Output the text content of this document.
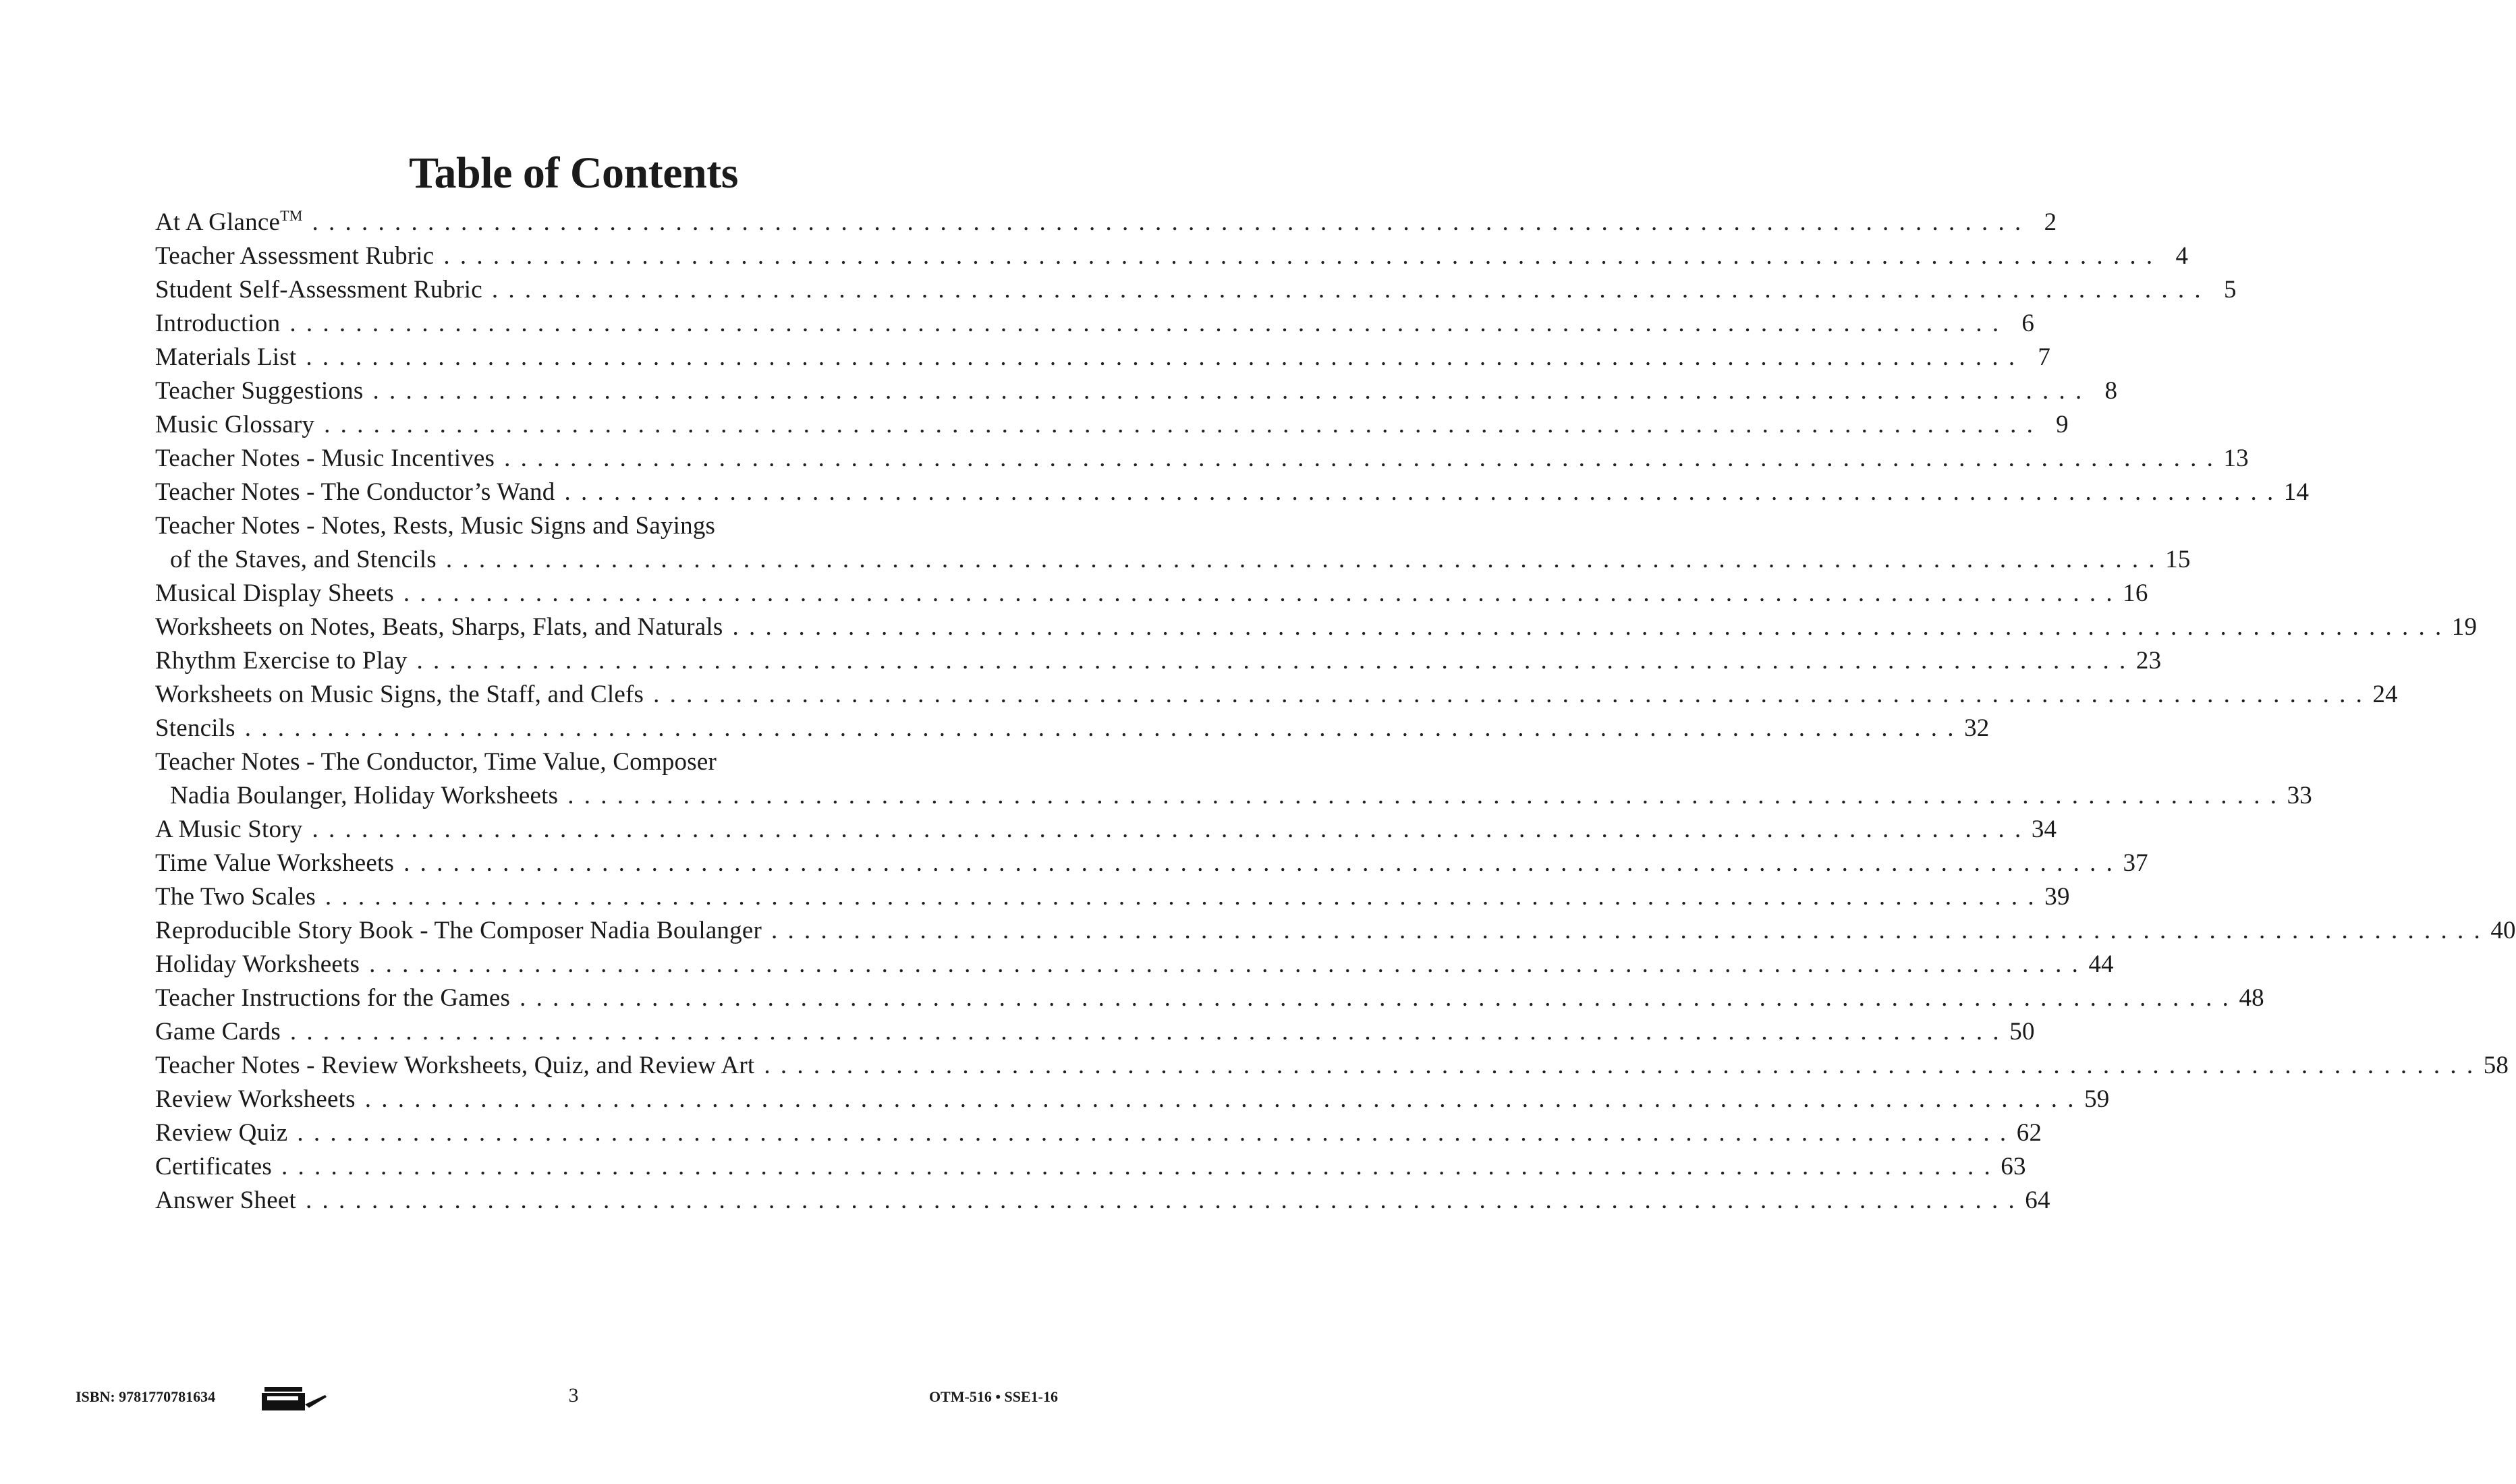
Table of Contents
At A Glance™ . . . . . . . . . . . . . . . . . . . . . . . . . . . . . . . . . . . . . . . . . . . . . . . . . . . . . . . . . . . . . . . . . . . . . . . . . . . . . . . . . . . . . . . . . . . . . . . . . . . . . . . . 2
Teacher Assessment Rubric . . . . . . . . . . . . . . . . . . . . . . . . . . . . . . . . . . . . . . . . . . . . . . . . . . . . . . . . . . . . . . . . . . . . . . . . . . . . . . . . . . . . . . . . . . . . . . . . . . . . . . . . 4
Student Self-Assessment Rubric . . . . . . . . . . . . . . . . . . . . . . . . . . . . . . . . . . . . . . . . . . . . . . . . . . . . . . . . . . . . . . . . . . . . . . . . . . . . . . . . . . . . . . . . . . . . . . . . . . . . . . . . 5
Introduction . . . . . . . . . . . . . . . . . . . . . . . . . . . . . . . . . . . . . . . . . . . . . . . . . . . . . . . . . . . . . . . . . . . . . . . . . . . . . . . . . . . . . . . . . . . . . . . . . . . . . . . . 6
Materials List . . . . . . . . . . . . . . . . . . . . . . . . . . . . . . . . . . . . . . . . . . . . . . . . . . . . . . . . . . . . . . . . . . . . . . . . . . . . . . . . . . . . . . . . . . . . . . . . . . . . . . . . 7
Teacher Suggestions . . . . . . . . . . . . . . . . . . . . . . . . . . . . . . . . . . . . . . . . . . . . . . . . . . . . . . . . . . . . . . . . . . . . . . . . . . . . . . . . . . . . . . . . . . . . . . . . . . . . . . . . 8
Music Glossary . . . . . . . . . . . . . . . . . . . . . . . . . . . . . . . . . . . . . . . . . . . . . . . . . . . . . . . . . . . . . . . . . . . . . . . . . . . . . . . . . . . . . . . . . . . . . . . . . . . . . . . . 9
Teacher Notes - Music Incentives . . . . . . . . . . . . . . . . . . . . . . . . . . . . . . . . . . . . . . . . . . . . . . . . . . . . . . . . . . . . . . . . . . . . . . . . . . . . . . . . . . . . . . . . . . . . . . . . . . . . . . . . 13
Teacher Notes - The Conductor’s Wand . . . . . . . . . . . . . . . . . . . . . . . . . . . . . . . . . . . . . . . . . . . . . . . . . . . . . . . . . . . . . . . . . . . . . . . . . . . . . . . . . . . . . . . . . . . . . . . . . . . . . . . . 14
Teacher Notes - Notes, Rests, Music Signs and Sayings
of the Staves, and Stencils . . . . . . . . . . . . . . . . . . . . . . . . . . . . . . . . . . . . . . . . . . . . . . . . . . . . . . . . . . . . . . . . . . . . . . . . . . . . . . . . . . . . . . . . . . . . . . . . . . . . . . . . 15
Musical Display Sheets . . . . . . . . . . . . . . . . . . . . . . . . . . . . . . . . . . . . . . . . . . . . . . . . . . . . . . . . . . . . . . . . . . . . . . . . . . . . . . . . . . . . . . . . . . . . . . . . . . . . . . . . 16
Worksheets on Notes, Beats, Sharps, Flats, and Naturals . . . . . . . . . . . . . . . . . . . . . . . . . . . . . . . . . . . . . . . . . . . . . . . . . . . . . . . . . . . . . . . . . . . . . . . . . . . . . . . . . . . . . . . . . . . . . . . . . . . . . . . . 19
Rhythm Exercise to Play . . . . . . . . . . . . . . . . . . . . . . . . . . . . . . . . . . . . . . . . . . . . . . . . . . . . . . . . . . . . . . . . . . . . . . . . . . . . . . . . . . . . . . . . . . . . . . . . . . . . . . . . 23
Worksheets on Music Signs, the Staff, and Clefs . . . . . . . . . . . . . . . . . . . . . . . . . . . . . . . . . . . . . . . . . . . . . . . . . . . . . . . . . . . . . . . . . . . . . . . . . . . . . . . . . . . . . . . . . . . . . . . . . . . . . . . . 24
Stencils . . . . . . . . . . . . . . . . . . . . . . . . . . . . . . . . . . . . . . . . . . . . . . . . . . . . . . . . . . . . . . . . . . . . . . . . . . . . . . . . . . . . . . . . . . . . . . . . . . . . . . . . 32
Teacher Notes - The Conductor, Time Value, Composer
Nadia Boulanger, Holiday Worksheets . . . . . . . . . . . . . . . . . . . . . . . . . . . . . . . . . . . . . . . . . . . . . . . . . . . . . . . . . . . . . . . . . . . . . . . . . . . . . . . . . . . . . . . . . . . . . . . . . . . . . . . . 33
A Music Story . . . . . . . . . . . . . . . . . . . . . . . . . . . . . . . . . . . . . . . . . . . . . . . . . . . . . . . . . . . . . . . . . . . . . . . . . . . . . . . . . . . . . . . . . . . . . . . . . . . . . . . . 34
Time Value Worksheets . . . . . . . . . . . . . . . . . . . . . . . . . . . . . . . . . . . . . . . . . . . . . . . . . . . . . . . . . . . . . . . . . . . . . . . . . . . . . . . . . . . . . . . . . . . . . . . . . . . . . . . . 37
The Two Scales . . . . . . . . . . . . . . . . . . . . . . . . . . . . . . . . . . . . . . . . . . . . . . . . . . . . . . . . . . . . . . . . . . . . . . . . . . . . . . . . . . . . . . . . . . . . . . . . . . . . . . . . 39
Reproducible Story Book - The Composer Nadia Boulanger . . . . . . . . . . . . . . . . . . . . . . . . . . . . . . . . . . . . . . . . . . . . . . . . . . . . . . . . . . . . . . . . . . . . . . . . . . . . . . . . . . . . . . . . . . . . . . . . . . . . . . . . 40
Holiday Worksheets . . . . . . . . . . . . . . . . . . . . . . . . . . . . . . . . . . . . . . . . . . . . . . . . . . . . . . . . . . . . . . . . . . . . . . . . . . . . . . . . . . . . . . . . . . . . . . . . . . . . . . . . 44
Teacher Instructions for the Games . . . . . . . . . . . . . . . . . . . . . . . . . . . . . . . . . . . . . . . . . . . . . . . . . . . . . . . . . . . . . . . . . . . . . . . . . . . . . . . . . . . . . . . . . . . . . . . . . . . . . . . . 48
Game Cards . . . . . . . . . . . . . . . . . . . . . . . . . . . . . . . . . . . . . . . . . . . . . . . . . . . . . . . . . . . . . . . . . . . . . . . . . . . . . . . . . . . . . . . . . . . . . . . . . . . . . . . . 50
Teacher Notes - Review Worksheets, Quiz, and Review Art . . . . . . . . . . . . . . . . . . . . . . . . . . . . . . . . . . . . . . . . . . . . . . . . . . . . . . . . . . . . . . . . . . . . . . . . . . . . . . . . . . . . . . . . . . . . . . . . . . . . . . . . 58
Review Worksheets . . . . . . . . . . . . . . . . . . . . . . . . . . . . . . . . . . . . . . . . . . . . . . . . . . . . . . . . . . . . . . . . . . . . . . . . . . . . . . . . . . . . . . . . . . . . . . . . . . . . . . . . 59
Review Quiz . . . . . . . . . . . . . . . . . . . . . . . . . . . . . . . . . . . . . . . . . . . . . . . . . . . . . . . . . . . . . . . . . . . . . . . . . . . . . . . . . . . . . . . . . . . . . . . . . . . . . . . . 62
Certificates . . . . . . . . . . . . . . . . . . . . . . . . . . . . . . . . . . . . . . . . . . . . . . . . . . . . . . . . . . . . . . . . . . . . . . . . . . . . . . . . . . . . . . . . . . . . . . . . . . . . . . . . 63
Answer Sheet . . . . . . . . . . . . . . . . . . . . . . . . . . . . . . . . . . . . . . . . . . . . . . . . . . . . . . . . . . . . . . . . . . . . . . . . . . . . . . . . . . . . . . . . . . . . . . . . . . . . . . . . 64
ISBN: 9781770781634	3	OTM-516 • SSE1-16
